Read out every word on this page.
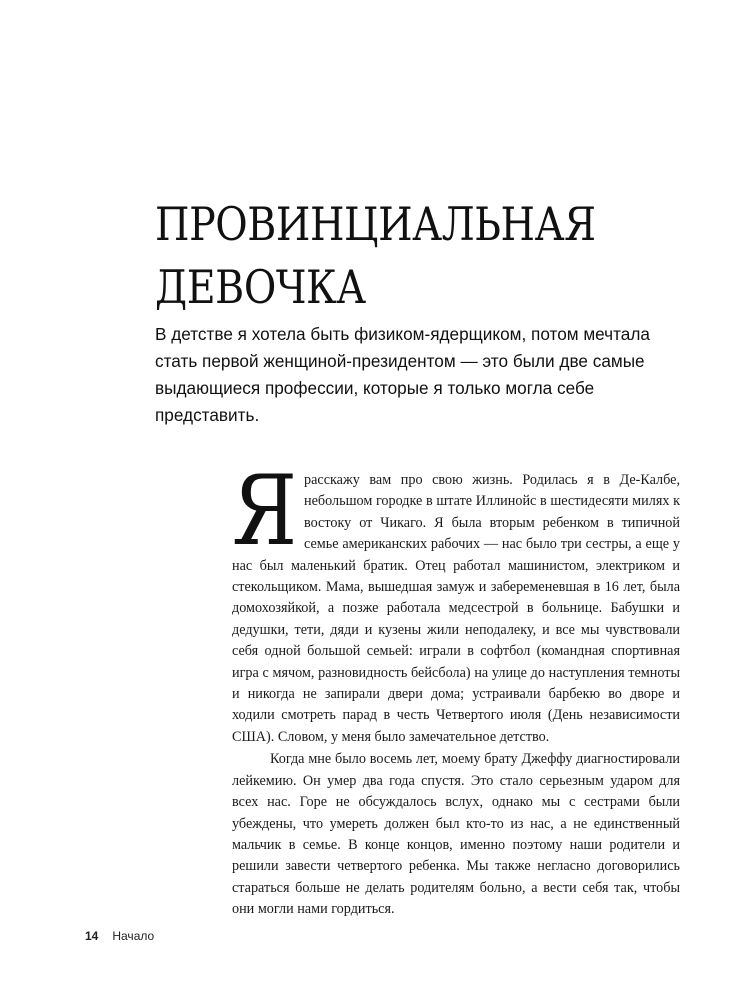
ПРОВИНЦИАЛЬНАЯ
ДЕВОЧКА

В детстве я хотела быть физиком-ядерщиком, потом мечтала стать первой женщиной-президентом — это были две самые выдающиеся профессии, которые я только могла себе представить.

Я расскажу вам про свою жизнь. Родилась я в Де-Калбе, небольшом городке в штате Иллинойс в шестидесяти милях к востоку от Чикаго. Я была вторым ребенком в типичной семье американских рабочих — нас было три сестры, а еще у нас был маленький братик. Отец работал машинистом, электриком и стекольщиком. Мама, вышедшая замуж и забеременевшая в 16 лет, была домохозяйкой, а позже работала медсестрой в больнице. Бабушки и дедушки, тети, дяди и кузены жили неподалеку, и все мы чувствовали себя одной большой семьей: играли в софтбол (командная спортивная игра с мячом, разновидность бейсбола) на улице до наступления темноты и никогда не запирали двери дома; устраивали барбекю во дворе и ходили смотреть парад в честь Четвертого июля (День независимости США). Словом, у меня было замечательное детство.

Когда мне было восемь лет, моему брату Джеффу диагностировали лейкемию. Он умер два года спустя. Это стало серьезным ударом для всех нас. Горе не обсуждалось вслух, однако мы с сестрами были убеждены, что умереть должен был кто-то из нас, а не единственный мальчик в семье. В конце концов, именно поэтому наши родители и решили завести четвертого ребенка. Мы также негласно договорились стараться больше не делать родителям больно, а вести себя так, чтобы они могли нами гордиться.

14 Начало
